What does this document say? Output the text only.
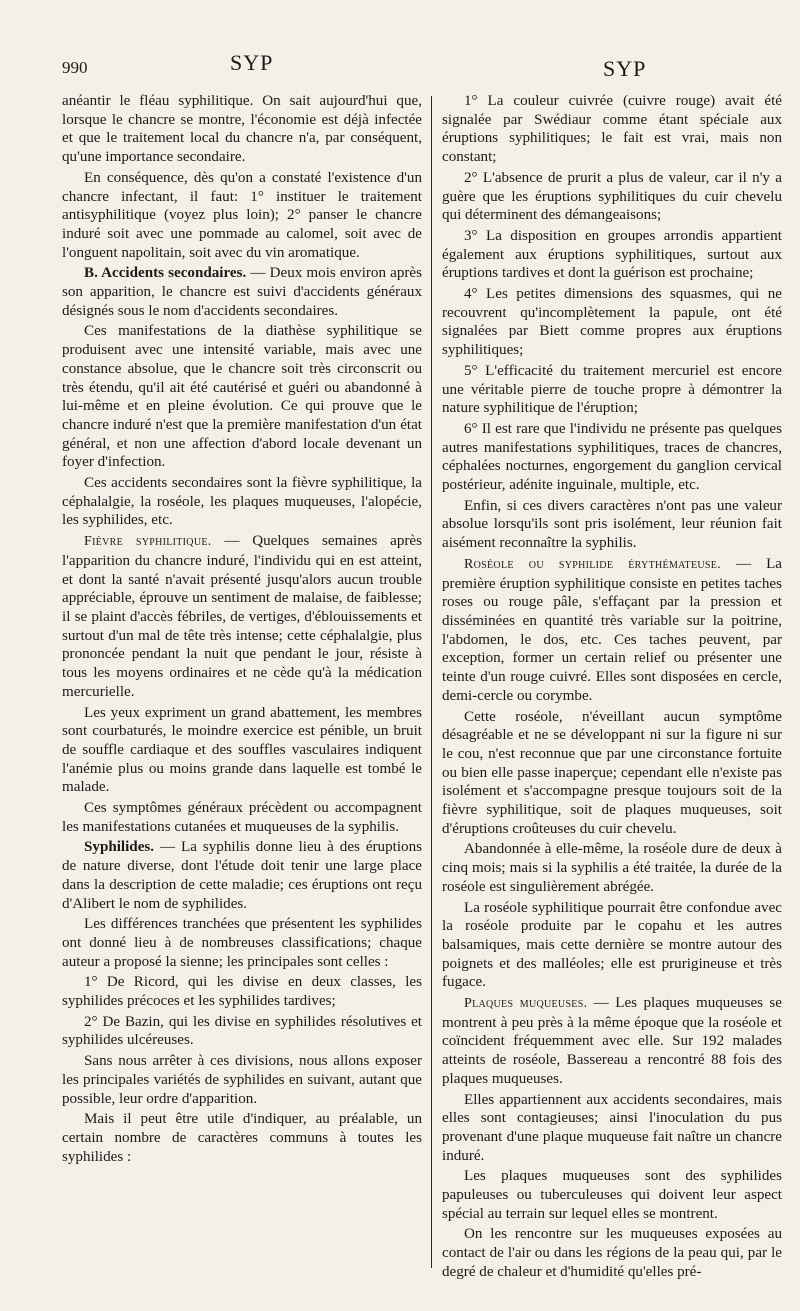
990	SYP	SYP

anéantir le fléau syphilitique. On sait aujourd'hui que, lorsque le chancre se montre, l'économie est déjà infectée et que le traitement local du chancre n'a, par conséquent, qu'une importance secondaire.

En conséquence, dès qu'on a constaté l'existence d'un chancre infectant, il faut: 1° instituer le traitement antisyphilitique (voyez plus loin); 2° panser le chancre induré soit avec une pommade au calomel, soit avec de l'onguent napolitain, soit avec du vin aromatique.

B. Accidents secondaires. — Deux mois environ après son apparition, le chancre est suivi d'accidents généraux désignés sous le nom d'accidents secondaires.

Ces manifestations de la diathèse syphilitique se produisent avec une intensité variable, mais avec une constance absolue, que le chancre soit très circonscrit ou très étendu, qu'il ait été cautérisé et guéri ou abandonné à lui-même et en pleine évolution. Ce qui prouve que le chancre induré n'est que la première manifestation d'un état général, et non une affection d'abord locale devenant un foyer d'infection.

Ces accidents secondaires sont la fièvre syphilitique, la céphalalgie, la roséole, les plaques muqueuses, l'alopécie, les syphilides, etc.

Fièvre syphilitique. — Quelques semaines après l'apparition du chancre induré, l'individu qui en est atteint, et dont la santé n'avait présenté jusqu'alors aucun trouble appréciable, éprouve un sentiment de malaise, de faiblesse; il se plaint d'accès fébriles, de vertiges, d'éblouissements et surtout d'un mal de tête très intense; cette céphalalgie, plus prononcée pendant la nuit que pendant le jour, résiste à tous les moyens ordinaires et ne cède qu'à la médication mercurielle.

Les yeux expriment un grand abattement, les membres sont courbaturés, le moindre exercice est pénible, un bruit de souffle cardiaque et des souffles vasculaires indiquent l'anémie plus ou moins grande dans laquelle est tombé le malade.

Ces symptômes généraux précèdent ou accompagnent les manifestations cutanées et muqueuses de la syphilis.

Syphilides. — La syphilis donne lieu à des éruptions de nature diverse, dont l'étude doit tenir une large place dans la description de cette maladie; ces éruptions ont reçu d'Alibert le nom de syphilides.

Les différences tranchées que présentent les syphilides ont donné lieu à de nombreuses classifications; chaque auteur a proposé la sienne; les principales sont celles :

1° De Ricord, qui les divise en deux classes, les syphilides précoces et les syphilides tardives;

2° De Bazin, qui les divise en syphilides résolutives et syphilides ulcéreuses.

Sans nous arrêter à ces divisions, nous allons exposer les principales variétés de syphilides en suivant, autant que possible, leur ordre d'apparition.

Mais il peut être utile d'indiquer, au préalable, un certain nombre de caractères communs à toutes les syphilides :

1° La couleur cuivrée (cuivre rouge) avait été signalée par Swédiaur comme étant spéciale aux éruptions syphilitiques; le fait est vrai, mais non constant;

2° L'absence de prurit a plus de valeur, car il n'y a guère que les éruptions syphilitiques du cuir chevelu qui déterminent des démangeaisons;

3° La disposition en groupes arrondis appartient également aux éruptions syphilitiques, surtout aux éruptions tardives et dont la guérison est prochaine;

4° Les petites dimensions des squasmes, qui ne recouvrent qu'incomplètement la papule, ont été signalées par Biett comme propres aux éruptions syphilitiques;

5° L'efficacité du traitement mercuriel est encore une véritable pierre de touche propre à démontrer la nature syphilitique de l'éruption;

6° Il est rare que l'individu ne présente pas quelques autres manifestations syphilitiques, traces de chancres, céphalées nocturnes, engorgement du ganglion cervical postérieur, adénite inguinale, multiple, etc.

Enfin, si ces divers caractères n'ont pas une valeur absolue lorsqu'ils sont pris isolément, leur réunion fait aisément reconnaître la syphilis.

Roséole ou syphilide érythémateuse. — La première éruption syphilitique consiste en petites taches roses ou rouge pâle, s'effaçant par la pression et disséminées en quantité très variable sur la poitrine, l'abdomen, le dos, etc. Ces taches peuvent, par exception, former un certain relief ou présenter une teinte d'un rouge cuivré. Elles sont disposées en cercle, demi-cercle ou corymbe.

Cette roséole, n'éveillant aucun symptôme désagréable et ne se développant ni sur la figure ni sur le cou, n'est reconnue que par une circonstance fortuite ou bien elle passe inaperçue; cependant elle n'existe pas isolément et s'accompagne presque toujours soit de la fièvre syphilitique, soit de plaques muqueuses, soit d'éruptions croûteuses du cuir chevelu.

Abandonnée à elle-même, la roséole dure de deux à cinq mois; mais si la syphilis a été traitée, la durée de la roséole est singulièrement abrégée.

La roséole syphilitique pourrait être confondue avec la roséole produite par le copahu et les autres balsamiques, mais cette dernière se montre autour des poignets et des malléoles; elle est prurigineuse et très fugace.

Plaques muqueuses. — Les plaques muqueuses se montrent à peu près à la même époque que la roséole et coïncident fréquemment avec elle. Sur 192 malades atteints de roséole, Bassereau a rencontré 88 fois des plaques muqueuses.

Elles appartiennent aux accidents secondaires, mais elles sont contagieuses; ainsi l'inoculation du pus provenant d'une plaque muqueuse fait naître un chancre induré.

Les plaques muqueuses sont des syphilides papuleuses ou tuberculeuses qui doivent leur aspect spécial au terrain sur lequel elles se montrent.

On les rencontre sur les muqueuses exposées au contact de l'air ou dans les régions de la peau qui, par le degré de chaleur et d'humidité qu'elles pré-
